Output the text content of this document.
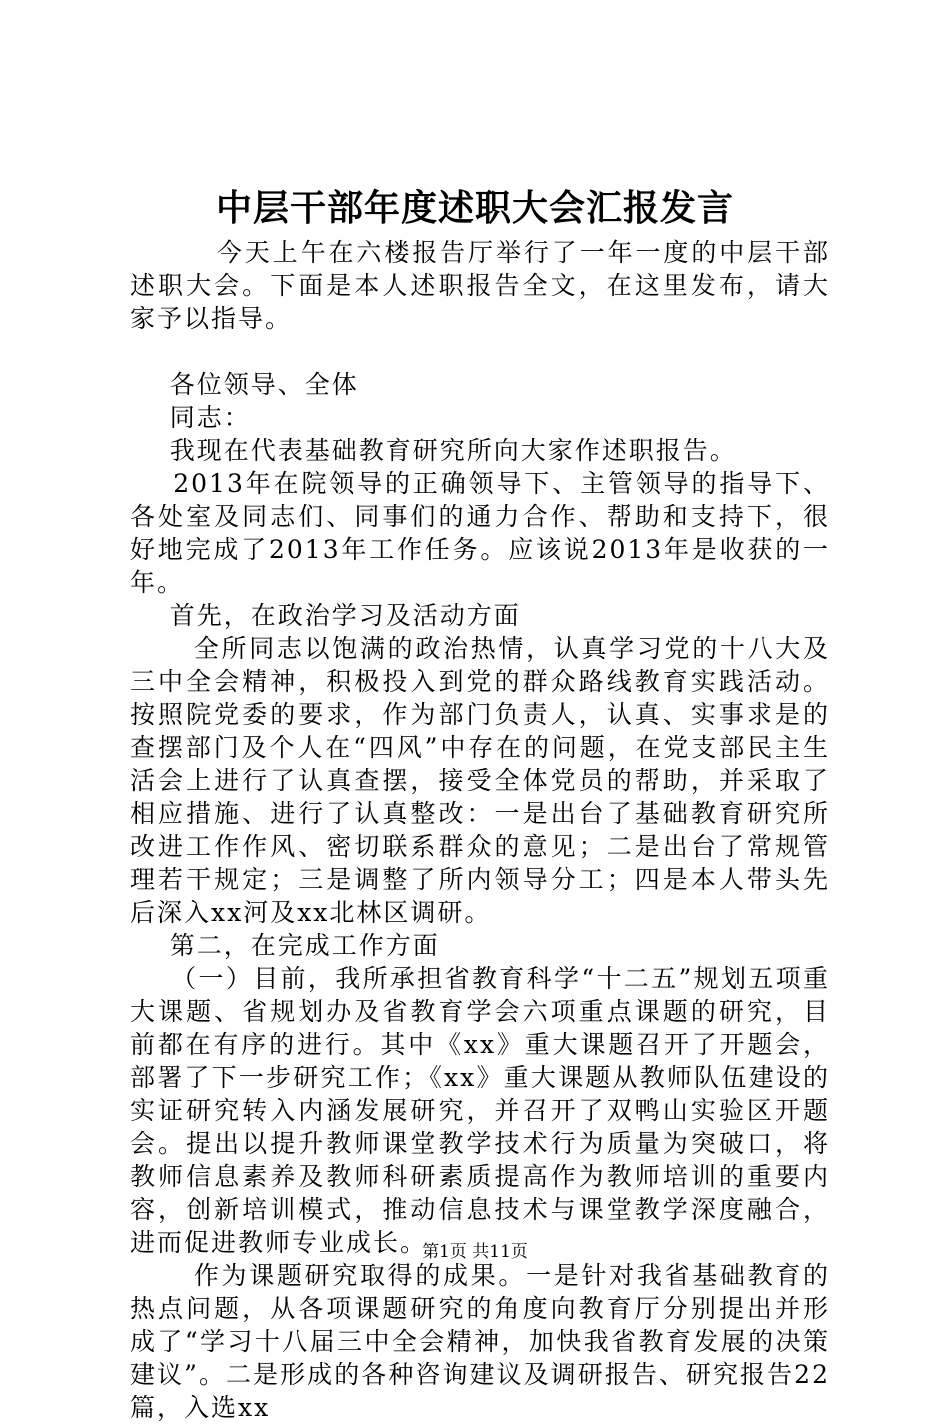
中层干部年度述职大会汇报发言

今天上午在六楼报告厅举行了一年一度的中层干部述职大会。下面是本人述职报告全文，在这里发布，请大家予以指导。

各位领导、全体

同志：

我现在代表基础教育研究所向大家作述职报告。

2013年在院领导的正确领导下、主管领导的指导下、各处室及同志们、同事们的通力合作、帮助和支持下，很好地完成了2013年工作任务。应该说2013年是收获的一年。

首先，在政治学习及活动方面

全所同志以饱满的政治热情，认真学习党的十八大及三中全会精神，积极投入到党的群众路线教育实践活动。按照院党委的要求，作为部门负责人，认真、实事求是的查摆部门及个人在“四风”中存在的问题，在党支部民主生活会上进行了认真查摆，接受全体党员的帮助，并采取了相应措施、进行了认真整改：一是出台了基础教育研究所改进工作作风、密切联系群众的意见；二是出台了常规管理若干规定；三是调整了所内领导分工；四是本人带头先后深入xx河及xx北林区调研。

第二，在完成工作方面

（一）目前，我所承担省教育科学“十二五”规划五项重大课题、省规划办及省教育学会六项重点课题的研究，目前都在有序的进行。其中《xx》重大课题召开了开题会，部署了下一步研究工作；《xx》重大课题从教师队伍建设的实证研究转入内涵发展研究，并召开了双鸭山实验区开题会。提出以提升教师课堂教学技术行为质量为突破口，将教师信息素养及教师科研素质提高作为教师培训的重要内容，创新培训模式，推动信息技术与课堂教学深度融合，进而促进教师专业成长。

作为课题研究取得的成果。一是针对我省基础教育的热点问题，从各项课题研究的角度向教育厅分别提出并形成了“学习十八届三中全会精神，加快我省教育发展的决策建议”。二是形成的各种咨询建议及调研报告、研究报告22篇，入选xx

第1页 共11页
